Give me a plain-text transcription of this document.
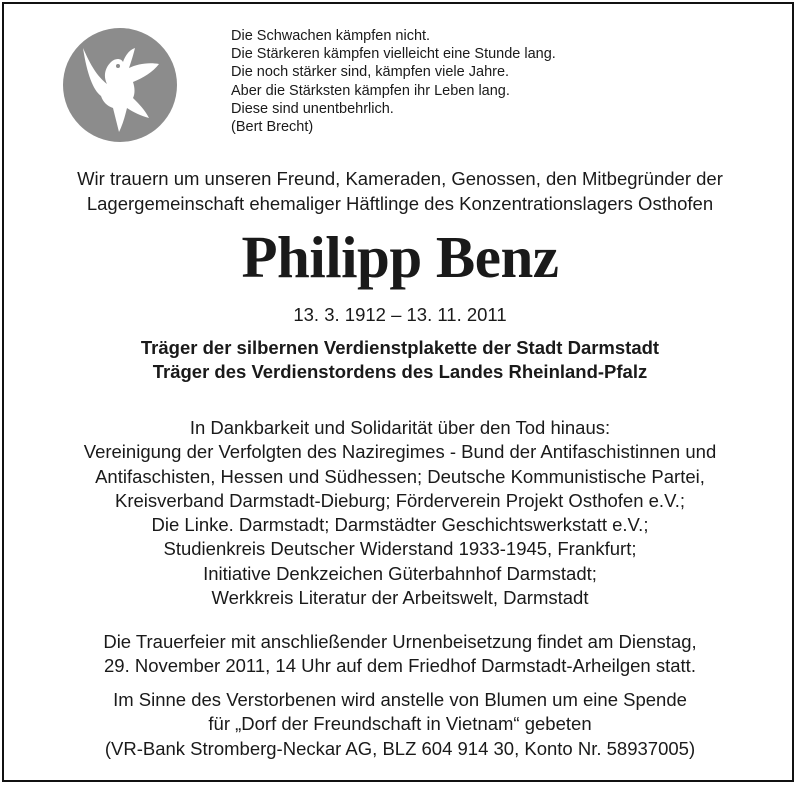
Die Schwachen kämpfen nicht.
Die Stärkeren kämpfen vielleicht eine Stunde lang.
Die noch stärker sind, kämpfen viele Jahre.
Aber die Stärksten kämpfen ihr Leben lang.
Diese sind unentbehrlich.
(Bert Brecht)
Wir trauern um unseren Freund, Kameraden, Genossen, den Mitbegründer der
Lagergemeinschaft ehemaliger Häftlinge des Konzentrationslagers Osthofen
Philipp Benz
13. 3. 1912 – 13. 11. 2011
Träger der silbernen Verdienstplakette der Stadt Darmstadt
Träger des Verdienstordens des Landes Rheinland-Pfalz
In Dankbarkeit und Solidarität über den Tod hinaus:
Vereinigung der Verfolgten des Naziregimes - Bund der Antifaschistinnen und
Antifaschisten, Hessen und Südhessen; Deutsche Kommunistische Partei,
Kreisverband Darmstadt-Dieburg; Förderverein Projekt Osthofen e.V.;
Die Linke. Darmstadt; Darmstädter Geschichtswerkstatt e.V.;
Studienkreis Deutscher Widerstand 1933-1945, Frankfurt;
Initiative Denkzeichen Güterbahnhof Darmstadt;
Werkkreis Literatur der Arbeitswelt, Darmstadt
Die Trauerfeier mit anschließender Urnenbeisetzung findet am Dienstag,
29. November 2011, 14 Uhr auf dem Friedhof Darmstadt-Arheilgen statt.
Im Sinne des Verstorbenen wird anstelle von Blumen um eine Spende
für „Dorf der Freundschaft in Vietnam“ gebeten
(VR-Bank Stromberg-Neckar AG, BLZ 604 914 30, Konto Nr. 58937005)
